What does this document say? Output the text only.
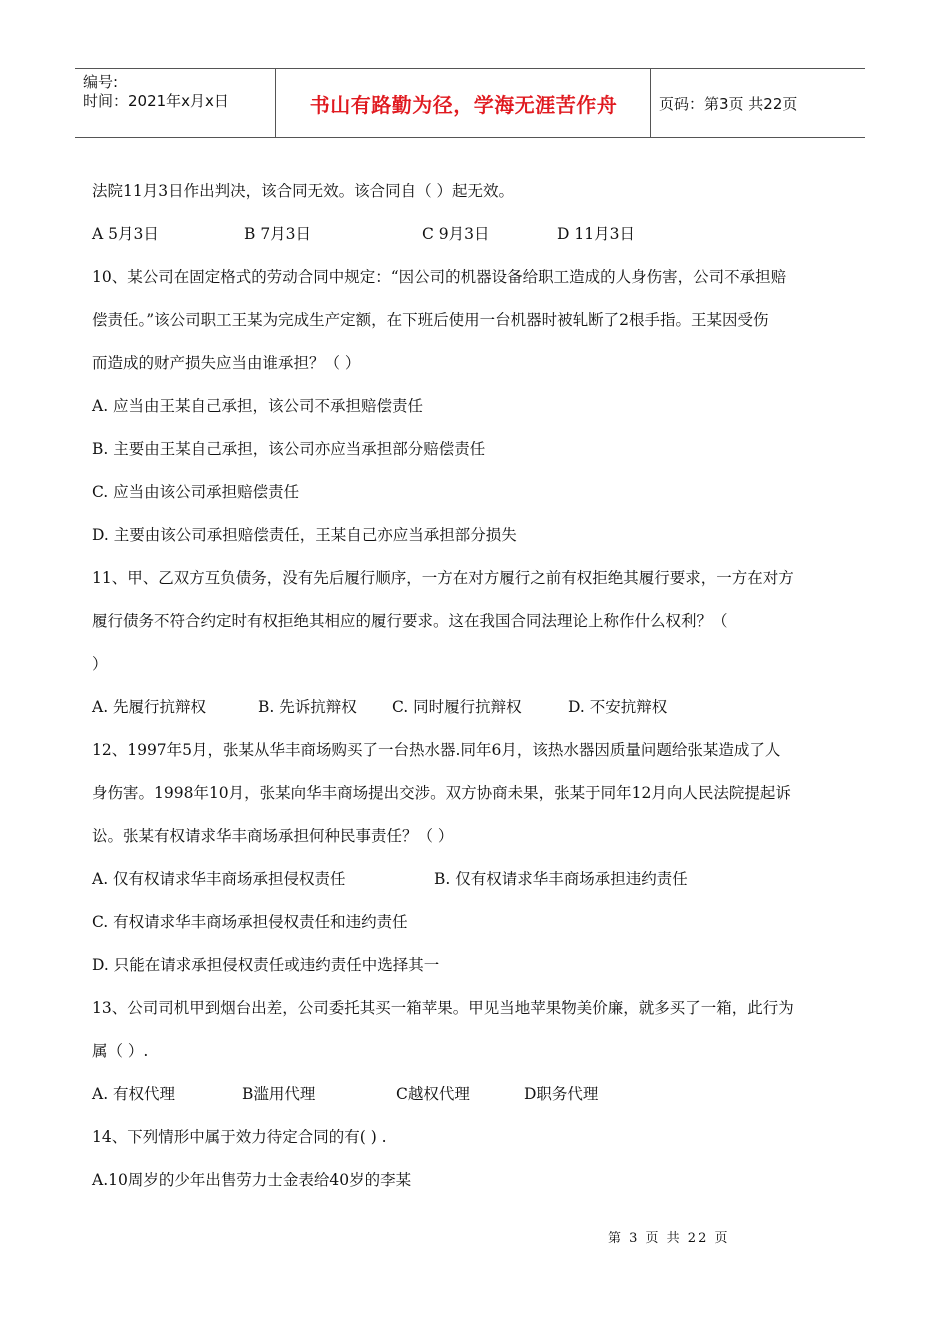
编号:
时间：2021年x月x日	书山有路勤为径，学海无涯苦作舟	页码：第3页 共22页
法院11月3日作出判决，该合同无效。该合同自（ ）起无效。
A 5月3日	B 7月3日	C 9月3日	D 11月3日
10、某公司在固定格式的劳动合同中规定：“因公司的机器设备给职工造成的人身伤害，公司不承担赔
偿责任。”该公司职工王某为完成生产定额，在下班后使用一台机器时被轧断了2根手指。王某因受伤
而造成的财产损失应当由谁承担？（ ）
A. 应当由王某自己承担，该公司不承担赔偿责任
B. 主要由王某自己承担，该公司亦应当承担部分赔偿责任
C. 应当由该公司承担赔偿责任
D. 主要由该公司承担赔偿责任，王某自己亦应当承担部分损失
11、甲、乙双方互负债务，没有先后履行顺序，一方在对方履行之前有权拒绝其履行要求，一方在对方
履行债务不符合约定时有权拒绝其相应的履行要求。这在我国合同法理论上称作什么权利？（
）
A. 先履行抗辩权	B. 先诉抗辩权 C. 同时履行抗辩权	D. 不安抗辩权
12、1997年5月，张某从华丰商场购买了一台热水器.同年6月，该热水器因质量问题给张某造成了人
身伤害。1998年10月，张某向华丰商场提出交涉。双方协商未果，张某于同年12月向人民法院提起诉
讼。张某有权请求华丰商场承担何种民事责任？（ ）
A. 仅有权请求华丰商场承担侵权责任	B. 仅有权请求华丰商场承担违约责任
C. 有权请求华丰商场承担侵权责任和违约责任
D. 只能在请求承担侵权责任或违约责任中选择其一
13、公司司机甲到烟台出差，公司委托其买一箱苹果。甲见当地苹果物美价廉，就多买了一箱，此行为
属（ ）.
A. 有权代理	B滥用代理	C越权代理	D职务代理
14、下列情形中属于效力待定合同的有( ) .
A.10周岁的少年出售劳力士金表给40岁的李某
第 3 页 共 22 页
